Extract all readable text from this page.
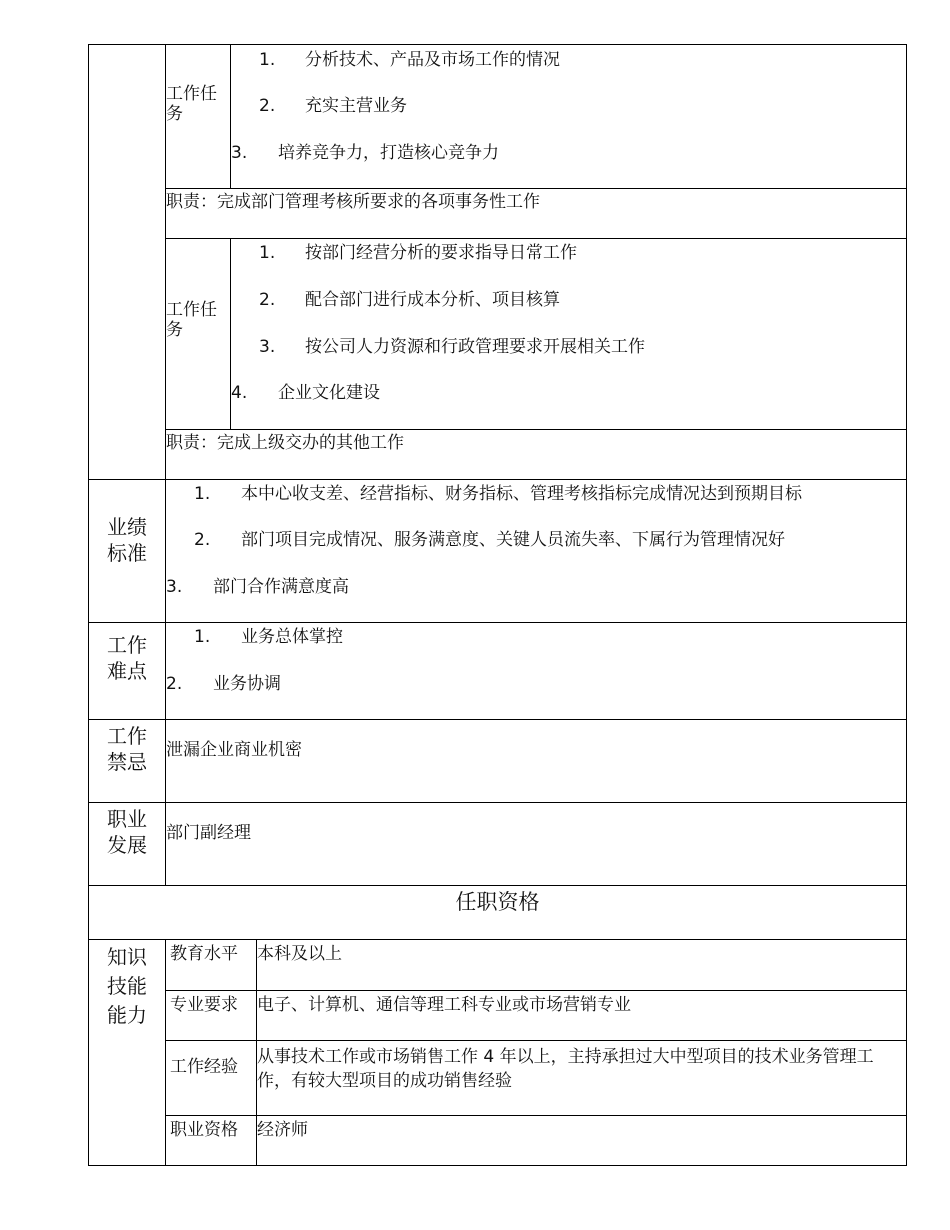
工作任务
1. 分析技术、产品及市场工作的情况
2. 充实主营业务
3. 培养竞争力，打造核心竞争力
职责：完成部门管理考核所要求的各项事务性工作
工作任务
1. 按部门经营分析的要求指导日常工作
2. 配合部门进行成本分析、项目核算
3. 按公司人力资源和行政管理要求开展相关工作
4. 企业文化建设
职责：完成上级交办的其他工作
业绩标准
1. 本中心收支差、经营指标、财务指标、管理考核指标完成情况达到预期目标
2. 部门项目完成情况、服务满意度、关键人员流失率、下属行为管理情况好
3. 部门合作满意度高
工作难点
1. 业务总体掌控
2. 业务协调
工作禁忌 泄漏企业商业机密
职业发展 部门副经理
任职资格
知识技能能力
教育水平 本科及以上
专业要求 电子、计算机、通信等理工科专业或市场营销专业
工作经验 从事技术工作或市场销售工作 4 年以上，主持承担过大中型项目的技术业务管理工作，有较大型项目的成功销售经验
职业资格 经济师
